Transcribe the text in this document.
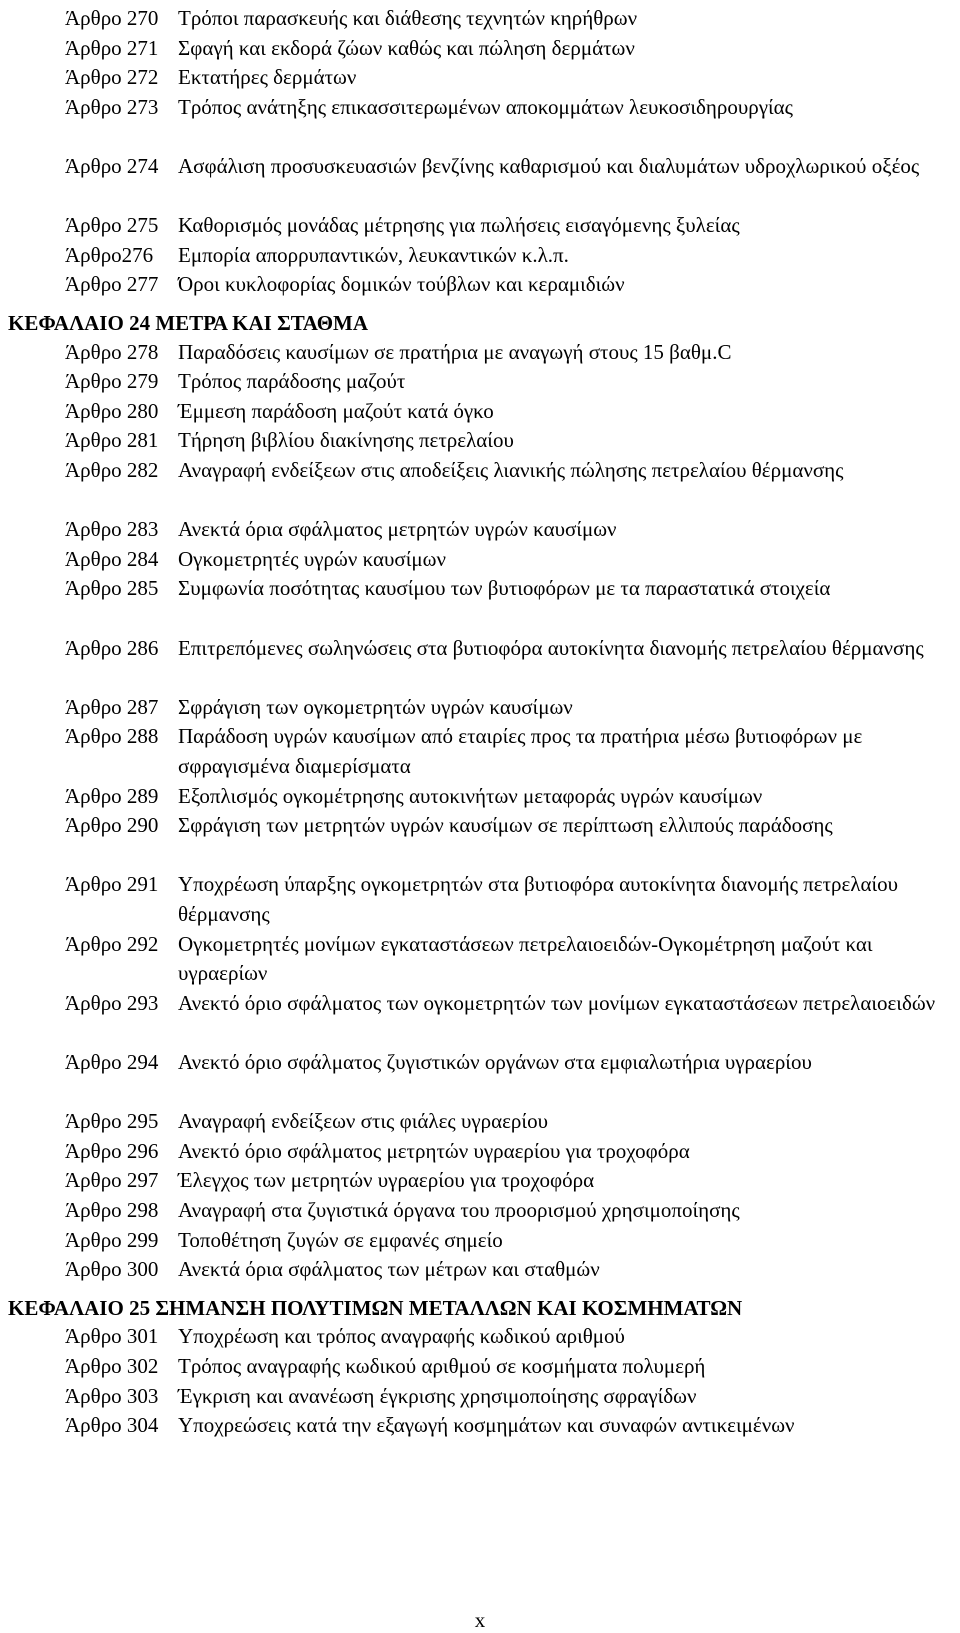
Άρθρο 270 Τρόποι παρασκευής και διάθεσης τεχνητών κηρήθρων
Άρθρο 271 Σφαγή και εκδορά ζώων καθώς και πώληση δερμάτων
Άρθρο 272 Εκτατήρες δερμάτων
Άρθρο 273 Τρόπος ανάτηξης επικασσιτερωμένων αποκομμάτων λευκοσιδηρουργίας
Άρθρο 274 Ασφάλιση προσυσκευασιών βενζίνης καθαρισμού και διαλυμάτων υδροχλωρικού οξέος
Άρθρο 275 Καθορισμός μονάδας μέτρησης για πωλήσεις εισαγόμενης ξυλείας
Άρθρο276	Εμπορία απορρυπαντικών, λευκαντικών κ.λ.π.
Άρθρο 277 Όροι κυκλοφορίας δομικών τούβλων και κεραμιδιών
ΚΕΦΑΛΑΙΟ 24 ΜΕΤΡΑ ΚΑΙ ΣΤΑΘΜΑ
Άρθρο 278 Παραδόσεις καυσίμων σε πρατήρια με αναγωγή στους 15 βαθμ.C
Άρθρο 279 Τρόπος παράδοσης μαζούτ
Άρθρο 280 Έμμεση παράδοση μαζούτ κατά όγκο
Άρθρο 281 Τήρηση βιβλίου διακίνησης πετρελαίου
Άρθρο 282 Αναγραφή ενδείξεων στις αποδείξεις λιανικής πώλησης πετρελαίου θέρμανσης
Άρθρο 283 Ανεκτά όρια σφάλματος μετρητών υγρών καυσίμων
Άρθρο 284 Ογκομετρητές υγρών καυσίμων
Άρθρο 285 Συμφωνία ποσότητας καυσίμου των βυτιοφόρων με τα παραστατικά στοιχεία
Άρθρο 286 Επιτρεπόμενες σωληνώσεις στα βυτιοφόρα αυτοκίνητα διανομής πετρελαίου θέρμανσης
Άρθρο 287 Σφράγιση των ογκομετρητών υγρών καυσίμων
Άρθρο 288 Παράδοση υγρών καυσίμων από εταιρίες προς τα πρατήρια μέσω βυτιοφόρων με σφραγισμένα διαμερίσματα
Άρθρο 289 Εξοπλισμός ογκομέτρησης αυτοκινήτων μεταφοράς υγρών καυσίμων
Άρθρο 290 Σφράγιση των μετρητών υγρών καυσίμων σε περίπτωση ελλιπούς παράδοσης
Άρθρο 291 Υποχρέωση ύπαρξης ογκομετρητών στα βυτιοφόρα αυτοκίνητα διανομής πετρελαίου θέρμανσης
Άρθρο 292 Ογκομετρητές μονίμων εγκαταστάσεων πετρελαιοειδών-Ογκομέτρηση μαζούτ και υγραερίων
Άρθρο 293 Ανεκτό όριο σφάλματος των ογκομετρητών των μονίμων εγκαταστάσεων πετρελαιοειδών
Άρθρο 294 Ανεκτό όριο σφάλματος ζυγιστικών οργάνων στα εμφιαλωτήρια υγραερίου
Άρθρο 295 Αναγραφή ενδείξεων στις φιάλες υγραερίου
Άρθρο 296 Ανεκτό όριο σφάλματος μετρητών υγραερίου για τροχοφόρα
Άρθρο 297 Έλεγχος των μετρητών υγραερίου για τροχοφόρα
Άρθρο 298 Αναγραφή στα ζυγιστικά όργανα του προορισμού χρησιμοποίησης
Άρθρο 299 Τοποθέτηση ζυγών σε εμφανές σημείο
Άρθρο 300 Ανεκτά όρια σφάλματος των μέτρων και σταθμών
ΚΕΦΑΛΑΙΟ 25 ΣΗΜΑΝΣΗ ΠΟΛΥΤΙΜΩΝ ΜΕΤΑΛΛΩΝ ΚΑΙ ΚΟΣΜΗΜΑΤΩΝ
Άρθρο 301 Υποχρέωση και τρόπος αναγραφής κωδικού αριθμού
Άρθρο 302 Τρόπος αναγραφής κωδικού αριθμού σε κοσμήματα πολυμερή
Άρθρο 303 Έγκριση και ανανέωση έγκρισης χρησιμοποίησης σφραγίδων
Άρθρο 304 Υποχρεώσεις κατά την εξαγωγή κοσμημάτων και συναφών αντικειμένων
x
